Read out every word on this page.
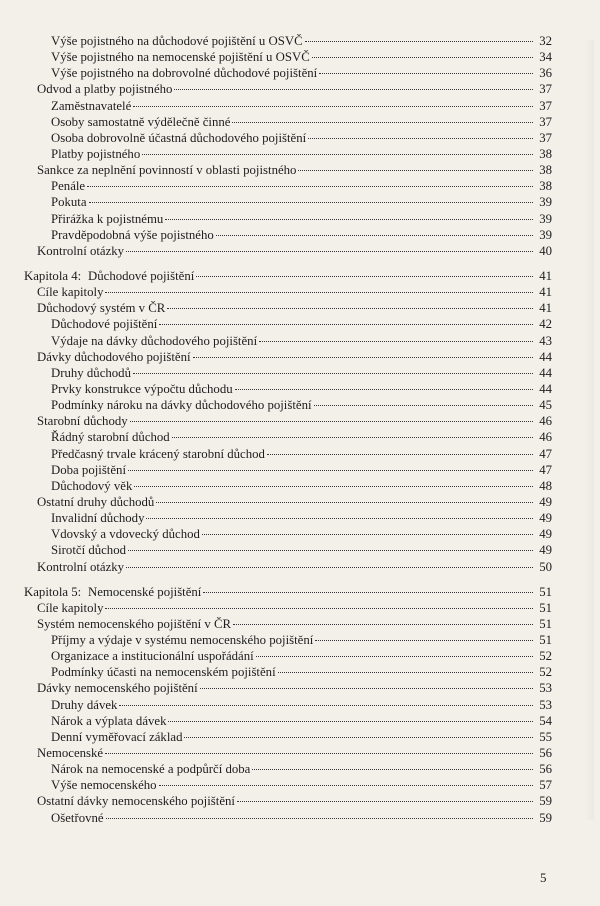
Výše pojistného na důchodové pojištění u OSVČ	32
Výše pojistného na nemocenské pojištění u OSVČ	34
Výše pojistného na dobrovolné důchodové pojištění	36
Odvod a platby pojistného	37
Zaměstnavatelé	37
Osoby samostatně výdělečně činné	37
Osoba dobrovolně účastná důchodového pojištění	37
Platby pojistného	38
Sankce za neplnění povinností v oblasti pojistného	38
Penále	38
Pokuta	39
Přirážka k pojistnému	39
Pravděpodobná výše pojistného	39
Kontrolní otázky	40
Kapitola 4: Důchodové pojištění	41
Cíle kapitoly	41
Důchodový systém v ČR	41
Důchodové pojištění	42
Výdaje na dávky důchodového pojištění	43
Dávky důchodového pojištění	44
Druhy důchodů	44
Prvky konstrukce výpočtu důchodu	44
Podmínky nároku na dávky důchodového pojištění	45
Starobní důchody	46
Řádný starobní důchod	46
Předčasný trvale krácený starobní důchod	47
Doba pojištění	47
Důchodový věk	48
Ostatní druhy důchodů	49
Invalidní důchody	49
Vdovský a vdovecký důchod	49
Sirotčí důchod	49
Kontrolní otázky	50
Kapitola 5: Nemocenské pojištění	51
Cíle kapitoly	51
Systém nemocenského pojištění v ČR	51
Příjmy a výdaje v systému nemocenského pojištění	51
Organizace a institucionální uspořádání	52
Podmínky účasti na nemocenském pojištění	52
Dávky nemocenského pojištění	53
Druhy dávek	53
Nárok a výplata dávek	54
Denní vyměřovací základ	55
Nemocenské	56
Nárok na nemocenské a podpůrčí doba	56
Výše nemocenského	57
Ostatní dávky nemocenského pojištění	59
Ošetřovné	59
5
